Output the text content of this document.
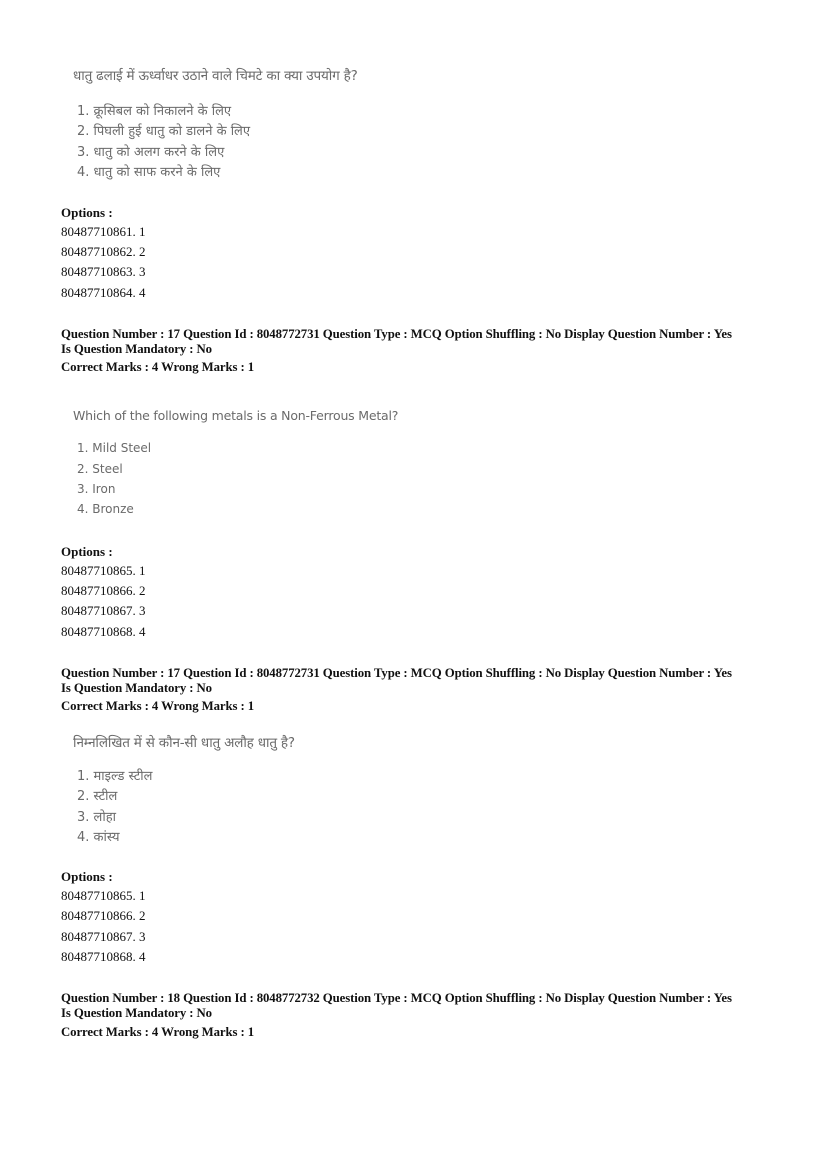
धातु ढलाई में ऊर्ध्वाधर उठाने वाले चिमटे का क्या उपयोग है?
1. क्रूसिबल को निकालने के लिए
2. पिघली हुई धातु को डालने के लिए
3. धातु को अलग करने के लिए
4. धातु को साफ करने के लिए
Options :
80487710861. 1
80487710862. 2
80487710863. 3
80487710864. 4
Question Number : 17 Question Id : 8048772731 Question Type : MCQ Option Shuffling : No Display Question Number : Yes
Is Question Mandatory : No
Correct Marks : 4 Wrong Marks : 1
Which of the following metals is a Non-Ferrous Metal?
1. Mild Steel
2. Steel
3. Iron
4. Bronze
Options :
80487710865. 1
80487710866. 2
80487710867. 3
80487710868. 4
Question Number : 17 Question Id : 8048772731 Question Type : MCQ Option Shuffling : No Display Question Number : Yes
Is Question Mandatory : No
Correct Marks : 4 Wrong Marks : 1
निम्नलिखित में से कौन-सी धातु अलौह धातु है?
1. माइल्ड स्टील
2. स्टील
3. लोहा
4. कांस्य
Options :
80487710865. 1
80487710866. 2
80487710867. 3
80487710868. 4
Question Number : 18 Question Id : 8048772732 Question Type : MCQ Option Shuffling : No Display Question Number : Yes
Is Question Mandatory : No
Correct Marks : 4 Wrong Marks : 1
